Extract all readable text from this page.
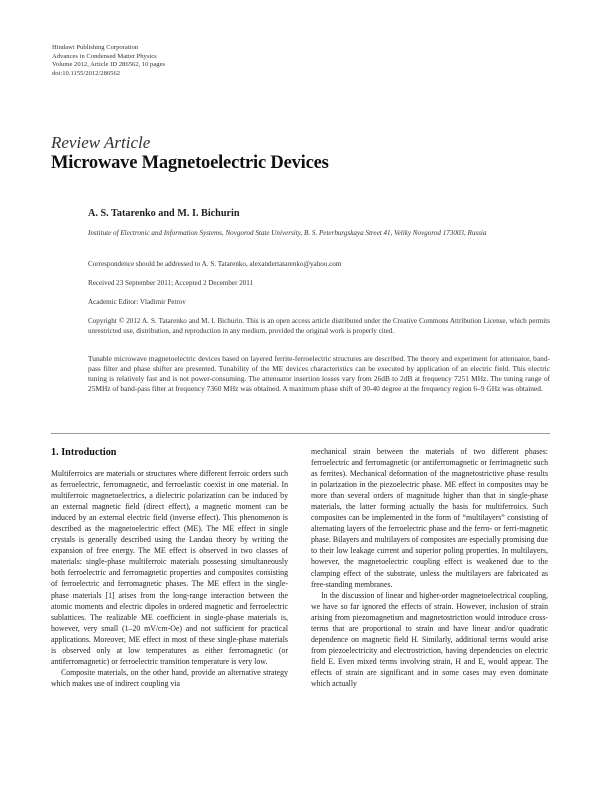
Hindawi Publishing Corporation
Advances in Condensed Matter Physics
Volume 2012, Article ID 286562, 10 pages
doi:10.1155/2012/286562
Review Article
Microwave Magnetoelectric Devices
A. S. Tatarenko and M. I. Bichurin
Institute of Electronic and Information Systems, Novgorod State University, B. S. Peterburgskaya Street 41, Veliky Novgorod 173003, Russia
Correspondence should be addressed to A. S. Tatarenko, alexandertatarenko@yahoo.com
Received 23 September 2011; Accepted 2 December 2011
Academic Editor: Vladimir Petrov
Copyright © 2012 A. S. Tatarenko and M. I. Bichurin. This is an open access article distributed under the Creative Commons Attribution License, which permits unrestricted use, distribution, and reproduction in any medium, provided the original work is properly cited.
Tunable microwave magnetoelectric devices based on layered ferrite-ferroelectric structures are described. The theory and experiment for attenuator, band-pass filter and phase shifter are presented. Tunability of the ME devices characteristics can be executed by application of an electric field. This electric tuning is relatively fast and is not power-consuming. The attenuator insertion losses vary from 26dB to 2dB at frequency 7251 MHz. The tuning range of 25MHz of band-pass filter at frequency 7360 MHz was obtained. A maximum phase shift of 30-40 degree at the frequency region 6–9 GHz was obtained.
1. Introduction

Multiferroics are materials or structures where different ferroic orders such as ferroelectric, ferromagnetic, and ferroelastic coexist in one material. In multiferroic magnetoelectrics, a dielectric polarization can be induced by an external magnetic field (direct effect), a magnetic moment can be induced by an external electric field (inverse effect). This phenomenon is described as the magnetoelectric effect (ME). The ME effect in single crystals is generally described using the Landau theory by writing the expansion of free energy. The ME effect is observed in two classes of materials: single-phase multiferroic materials possessing simultaneously both ferroelectric and ferromagnetic properties and composites consisting of ferroelectric and ferromagnetic phases. The ME effect in the single-phase materials [1] arises from the long-range interaction between the atomic moments and electric dipoles in ordered magnetic and ferroelectric sublattices. The realizable ME coefficient in single-phase materials is, however, very small (1–20 mV/cm-Oe) and not sufficient for practical applications. Moreover, ME effect in most of these single-phase materials is observed only at low temperatures as either ferromagnetic (or antiferromagnetic) or ferroelectric transition temperature is very low.

Composite materials, on the other hand, provide an alternative strategy which makes use of indirect coupling via

mechanical strain between the materials of two different phases: ferroelectric and ferromagnetic (or antiferromagnetic or ferrimagnetic such as ferrites). Mechanical deformation of the magnetostrictive phase results in polarization in the piezoelectric phase. ME effect in composites may be more than several orders of magnitude higher than that in single-phase materials, the latter forming actually the basis for multiferroics. Such composites can be implemented in the form of “multilayers” consisting of alternating layers of the ferroelectric phase and the ferro- or ferri-magnetic phase. Bilayers and multilayers of composites are especially promising due to their low leakage current and superior poling properties. In multilayers, however, the magnetoelectric coupling effect is weakened due to the clamping effect of the substrate, unless the multilayers are fabricated as free-standing membranes.

In the discussion of linear and higher-order magnetoelectrical coupling, we have so far ignored the effects of strain. However, inclusion of strain arising from piezomagnetism and magnetostriction would introduce cross-terms that are proportional to strain and have linear and/or quadratic dependence on magnetic field H. Similarly, additional terms would arise from piezoelectricity and electrostriction, having dependencies on electric field E. Even mixed terms involving strain, H and E, would appear. The effects of strain are significant and in some cases may even dominate which actually
